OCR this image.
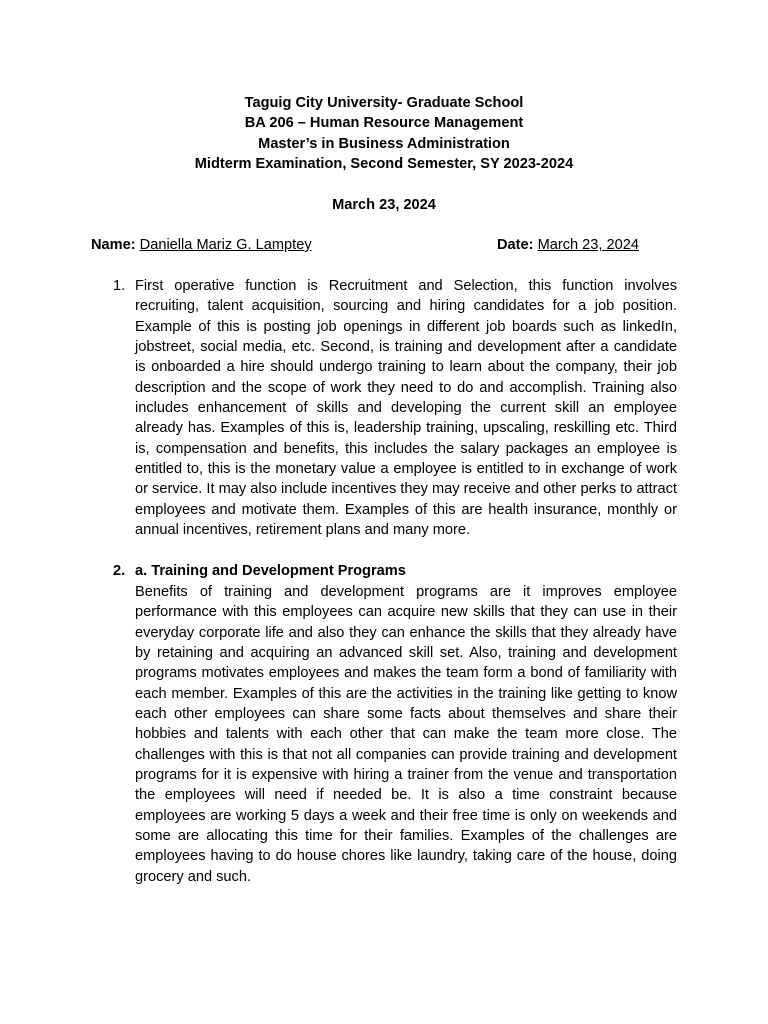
Taguig City University- Graduate School
BA 206 – Human Resource Management
Master’s in Business Administration
Midterm Examination, Second Semester, SY 2023-2024
March 23, 2024
Name: Daniella Mariz G. Lamptey	Date: March 23, 2024
1. First operative function is Recruitment and Selection, this function involves recruiting, talent acquisition, sourcing and hiring candidates for a job position. Example of this is posting job openings in different job boards such as linkedIn, jobstreet, social media, etc. Second, is training and development after a candidate is onboarded a hire should undergo training to learn about the company, their job description and the scope of work they need to do and accomplish. Training also includes enhancement of skills and developing the current skill an employee already has. Examples of this is, leadership training, upscaling, reskilling etc. Third is, compensation and benefits, this includes the salary packages an employee is entitled to, this is the monetary value a employee is entitled to in exchange of work or service. It may also include incentives they may receive and other perks to attract employees and motivate them. Examples of this are health insurance, monthly or annual incentives, retirement plans and many more.
2. a. Training and Development Programs
Benefits of training and development programs are it improves employee performance with this employees can acquire new skills that they can use in their everyday corporate life and also they can enhance the skills that they already have by retaining and acquiring an advanced skill set. Also, training and development programs motivates employees and makes the team form a bond of familiarity with each member. Examples of this are the activities in the training like getting to know each other employees can share some facts about themselves and share their hobbies and talents with each other that can make the team more close. The challenges with this is that not all companies can provide training and development programs for it is expensive with hiring a trainer from the venue and transportation the employees will need if needed be. It is also a time constraint because employees are working 5 days a week and their free time is only on weekends and some are allocating this time for their families. Examples of the challenges are employees having to do house chores like laundry, taking care of the house, doing grocery and such.
